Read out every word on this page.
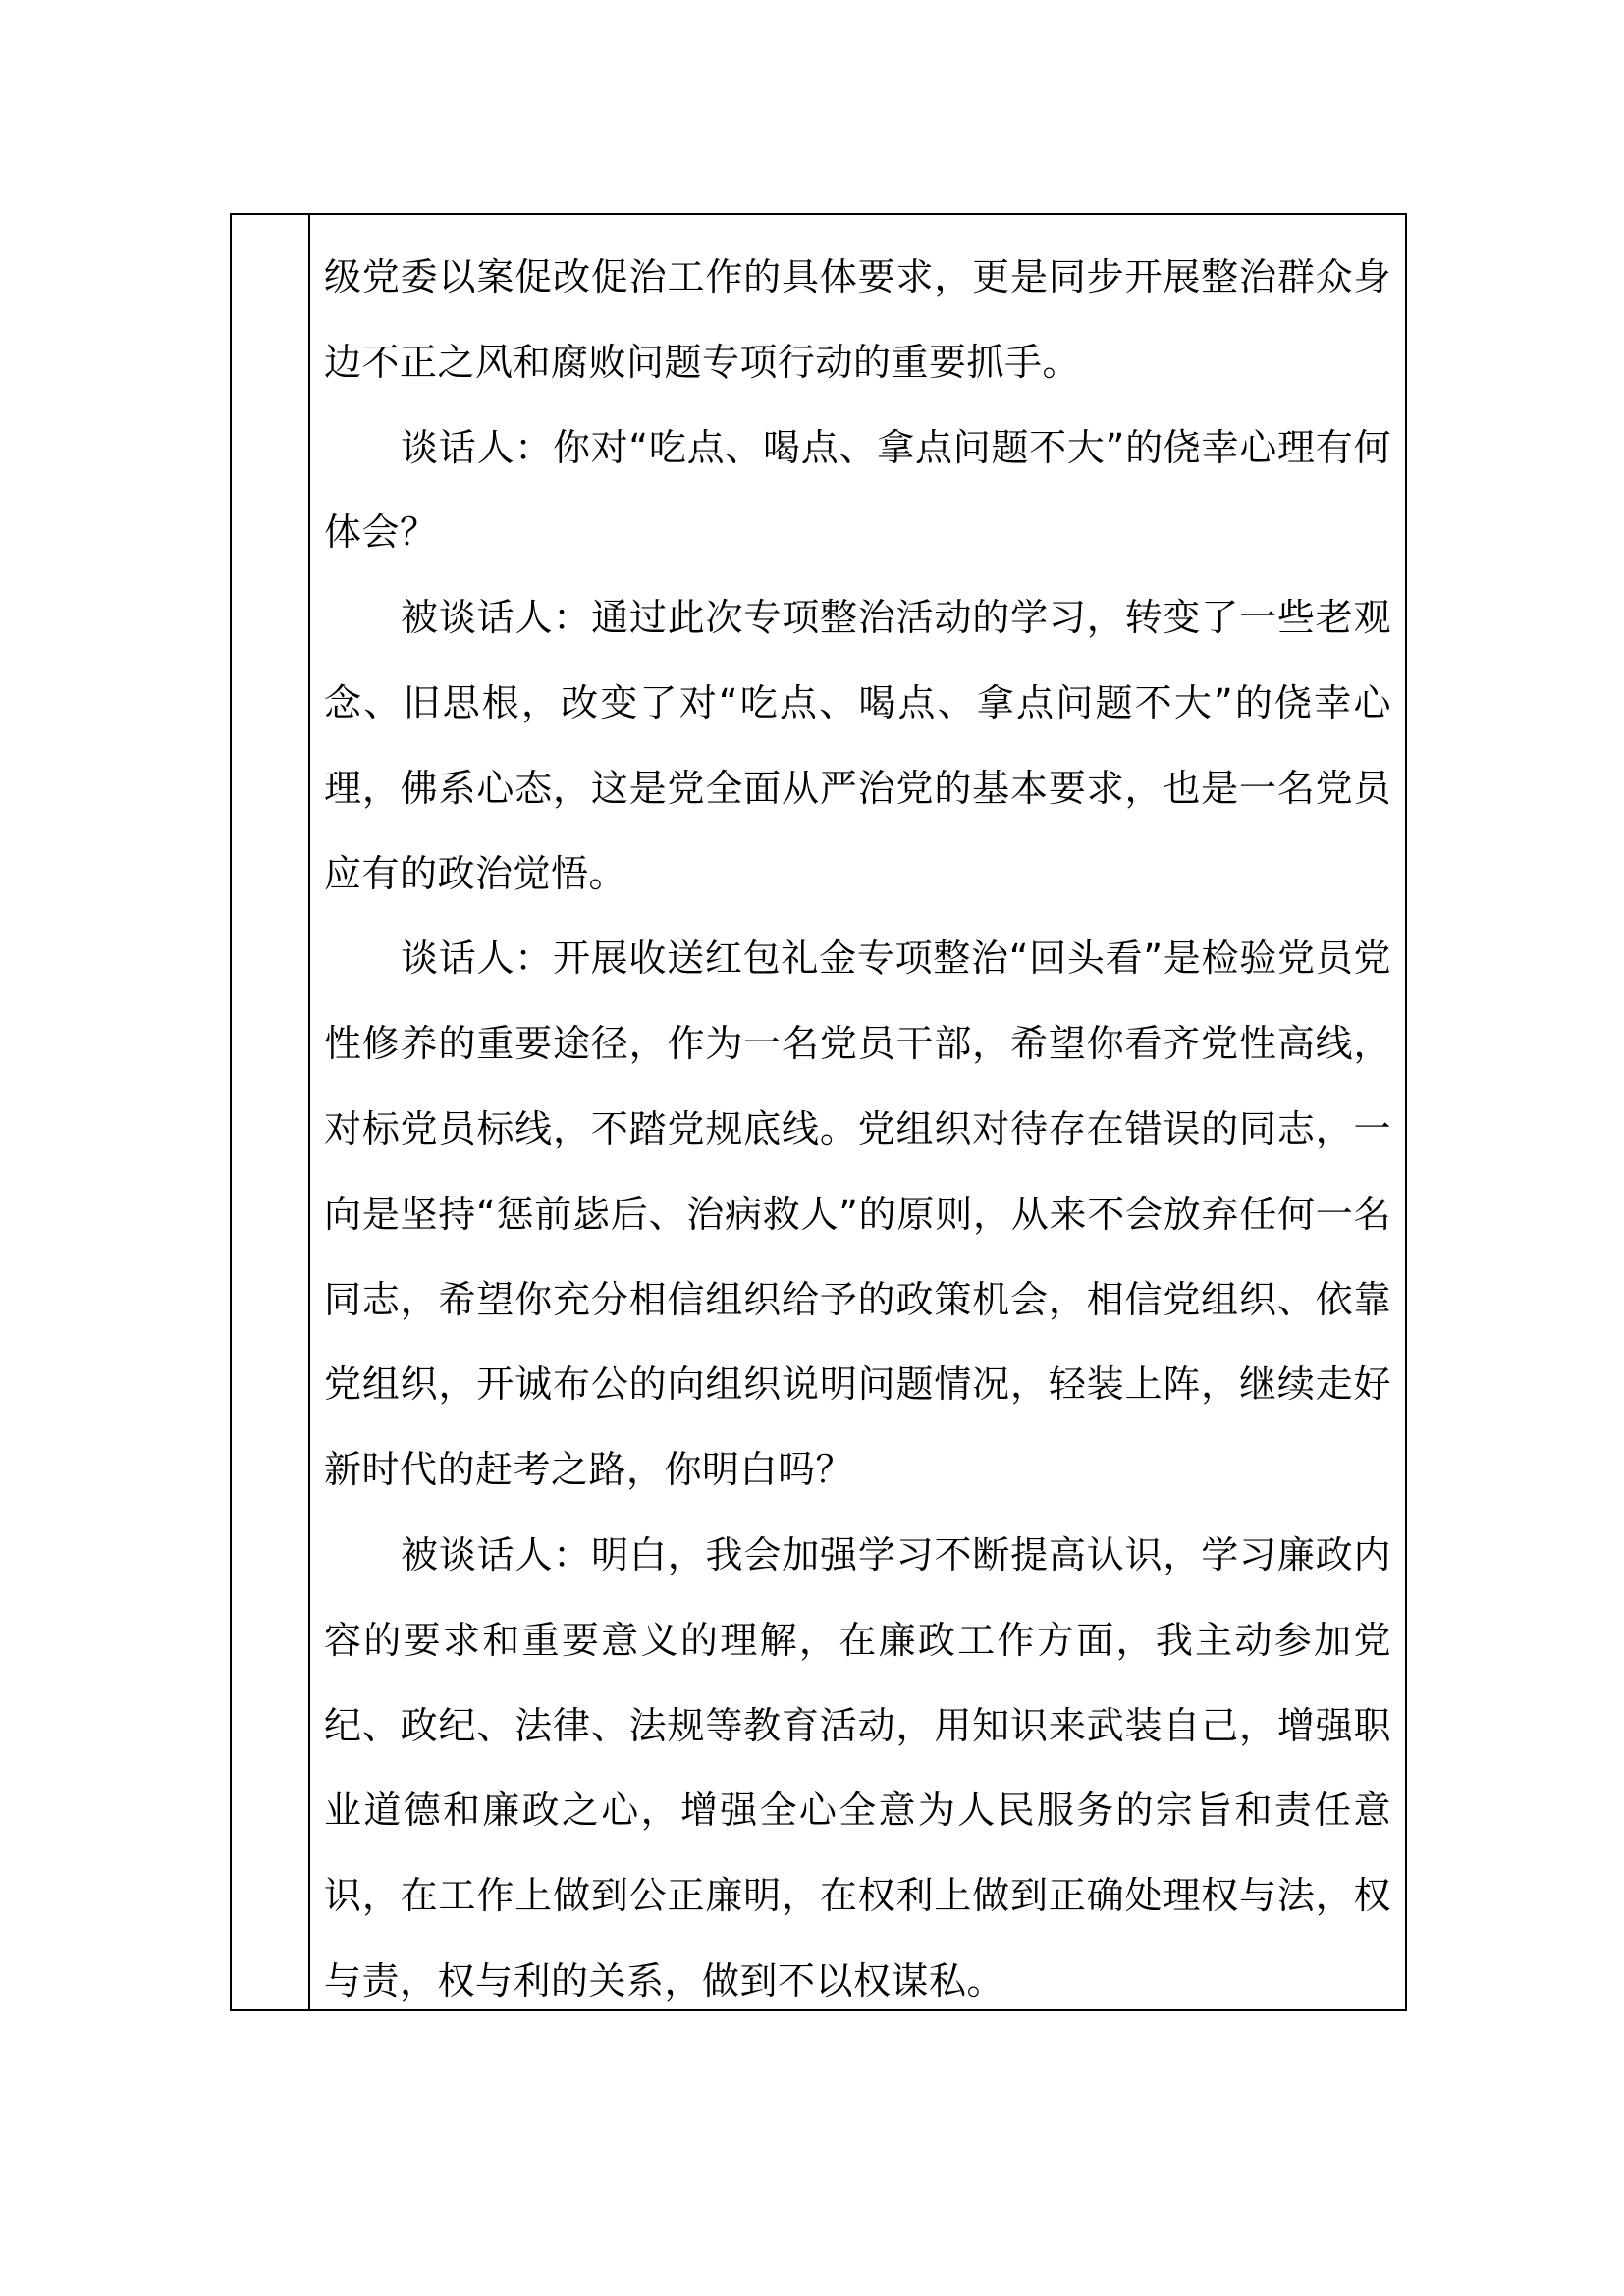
级党委以案促改促治工作的具体要求，更是同步开展整治群众身边不正之风和腐败问题专项行动的重要抓手。

谈话人：你对“吃点、喝点、拿点问题不大”的侥幸心理有何体会？

被谈话人：通过此次专项整治活动的学习，转变了一些老观念、旧思根，改变了对“吃点、喝点、拿点问题不大”的侥幸心理，佛系心态，这是党全面从严治党的基本要求，也是一名党员应有的政治觉悟。

谈话人：开展收送红包礼金专项整治“回头看”是检验党员党性修养的重要途径，作为一名党员干部，希望你看齐党性高线，对标党员标线，不踏党规底线。党组织对待存在错误的同志，一向是坚持“惩前毖后、治病救人”的原则，从来不会放弃任何一名同志，希望你充分相信组织给予的政策机会，相信党组织、依靠党组织，开诚布公的向组织说明问题情况，轻装上阵，继续走好新时代的赶考之路，你明白吗？

被谈话人：明白，我会加强学习不断提高认识，学习廉政内容的要求和重要意义的理解，在廉政工作方面，我主动参加党纪、政纪、法律、法规等教育活动，用知识来武装自己，增强职业道德和廉政之心，增强全心全意为人民服务的宗旨和责任意识，在工作上做到公正廉明，在权利上做到正确处理权与法，权与责，权与利的关系，做到不以权谋私。
